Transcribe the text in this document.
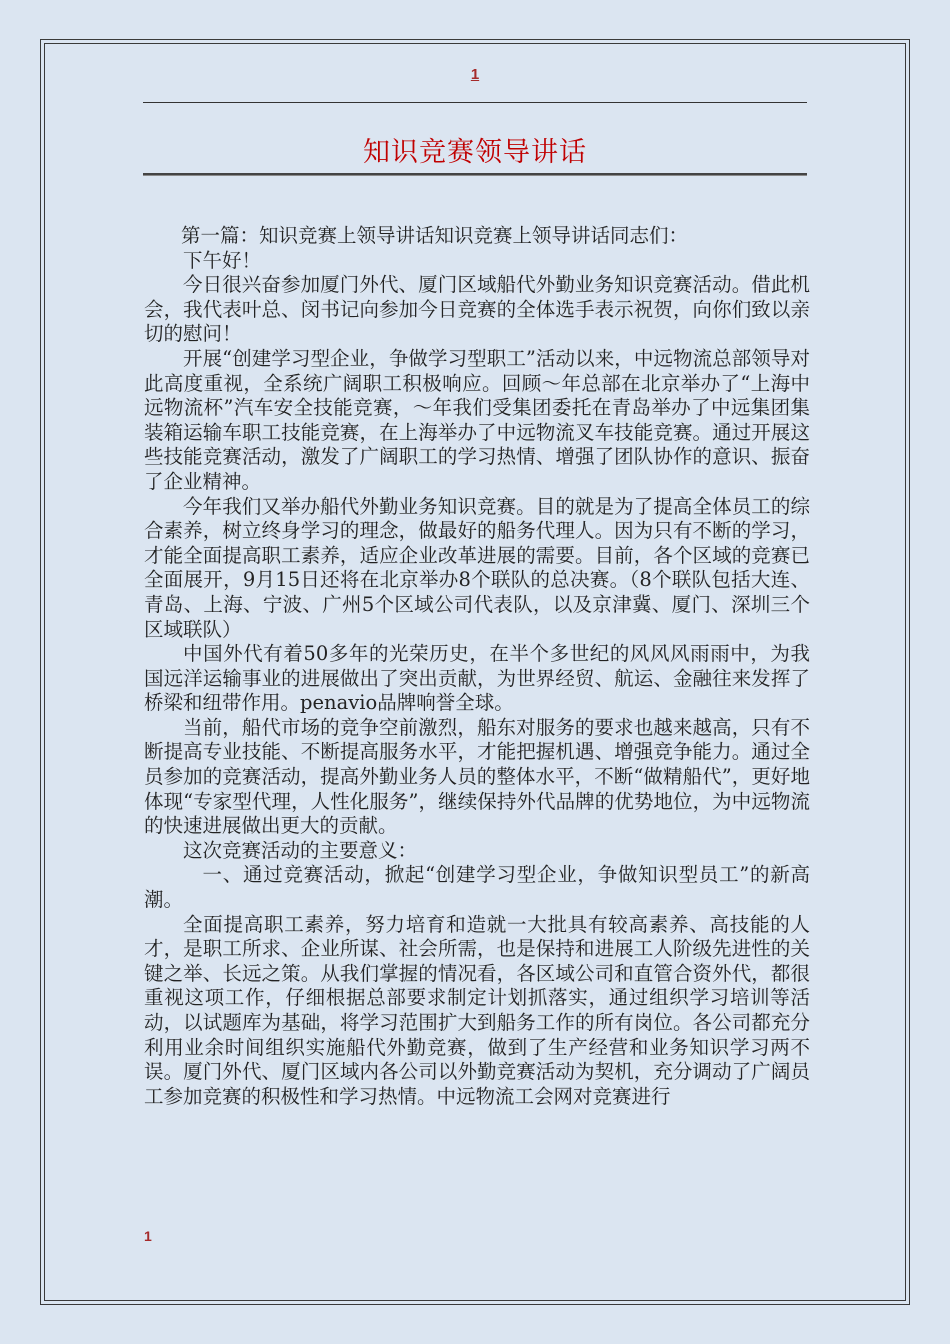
1
知识竞赛领导讲话

第一篇：知识竞赛上领导讲话知识竞赛上领导讲话同志们：

下午好！

今日很兴奋参加厦门外代、厦门区域船代外勤业务知识竞赛活动。借此机会，我代表叶总、闵书记向参加今日竞赛的全体选手表示祝贺，向你们致以亲切的慰问！

开展“创建学习型企业，争做学习型职工”活动以来，中远物流总部领导对此高度重视，全系统广阔职工积极响应。回顾～年总部在北京举办了“上海中远物流杯”汽车安全技能竞赛，～年我们受集团委托在青岛举办了中远集团集装箱运输车职工技能竞赛，在上海举办了中远物流叉车技能竞赛。通过开展这些技能竞赛活动，激发了广阔职工的学习热情、增强了团队协作的意识、振奋了企业精神。

今年我们又举办船代外勤业务知识竞赛。目的就是为了提高全体员工的综合素养，树立终身学习的理念，做最好的船务代理人。因为只有不断的学习，才能全面提高职工素养，适应企业改革进展的需要。目前，各个区域的竞赛已全面展开，9月15日还将在北京举办8个联队的总决赛。（8个联队包括大连、青岛、上海、宁波、广州5个区域公司代表队，以及京津冀、厦门、深圳三个区域联队）

中国外代有着50多年的光荣历史，在半个多世纪的风风风雨雨中，为我国远洋运输事业的进展做出了突出贡献，为世界经贸、航运、金融往来发挥了桥梁和纽带作用。penavio品牌响誉全球。

当前，船代市场的竞争空前激烈，船东对服务的要求也越来越高，只有不断提高专业技能、不断提高服务水平，才能把握机遇、增强竞争能力。通过全员参加的竞赛活动，提高外勤业务人员的整体水平，不断“做精船代”，更好地体现“专家型代理，人性化服务”，继续保持外代品牌的优势地位，为中远物流的快速进展做出更大的贡献。

这次竞赛活动的主要意义：

一、通过竞赛活动，掀起“创建学习型企业，争做知识型员工”的新高潮。

全面提高职工素养，努力培育和造就一大批具有较高素养、高技能的人才，是职工所求、企业所谋、社会所需，也是保持和进展工人阶级先进性的关键之举、长远之策。从我们掌握的情况看，各区域公司和直管合资外代，都很重视这项工作，仔细根据总部要求制定计划抓落实，通过组织学习培训等活动，以试题库为基础，将学习范围扩大到船务工作的所有岗位。各公司都充分利用业余时间组织实施船代外勤竞赛，做到了生产经营和业务知识学习两不误。厦门外代、厦门区域内各公司以外勤竞赛活动为契机，充分调动了广阔员工参加竞赛的积极性和学习热情。中远物流工会网对竞赛进行

1
